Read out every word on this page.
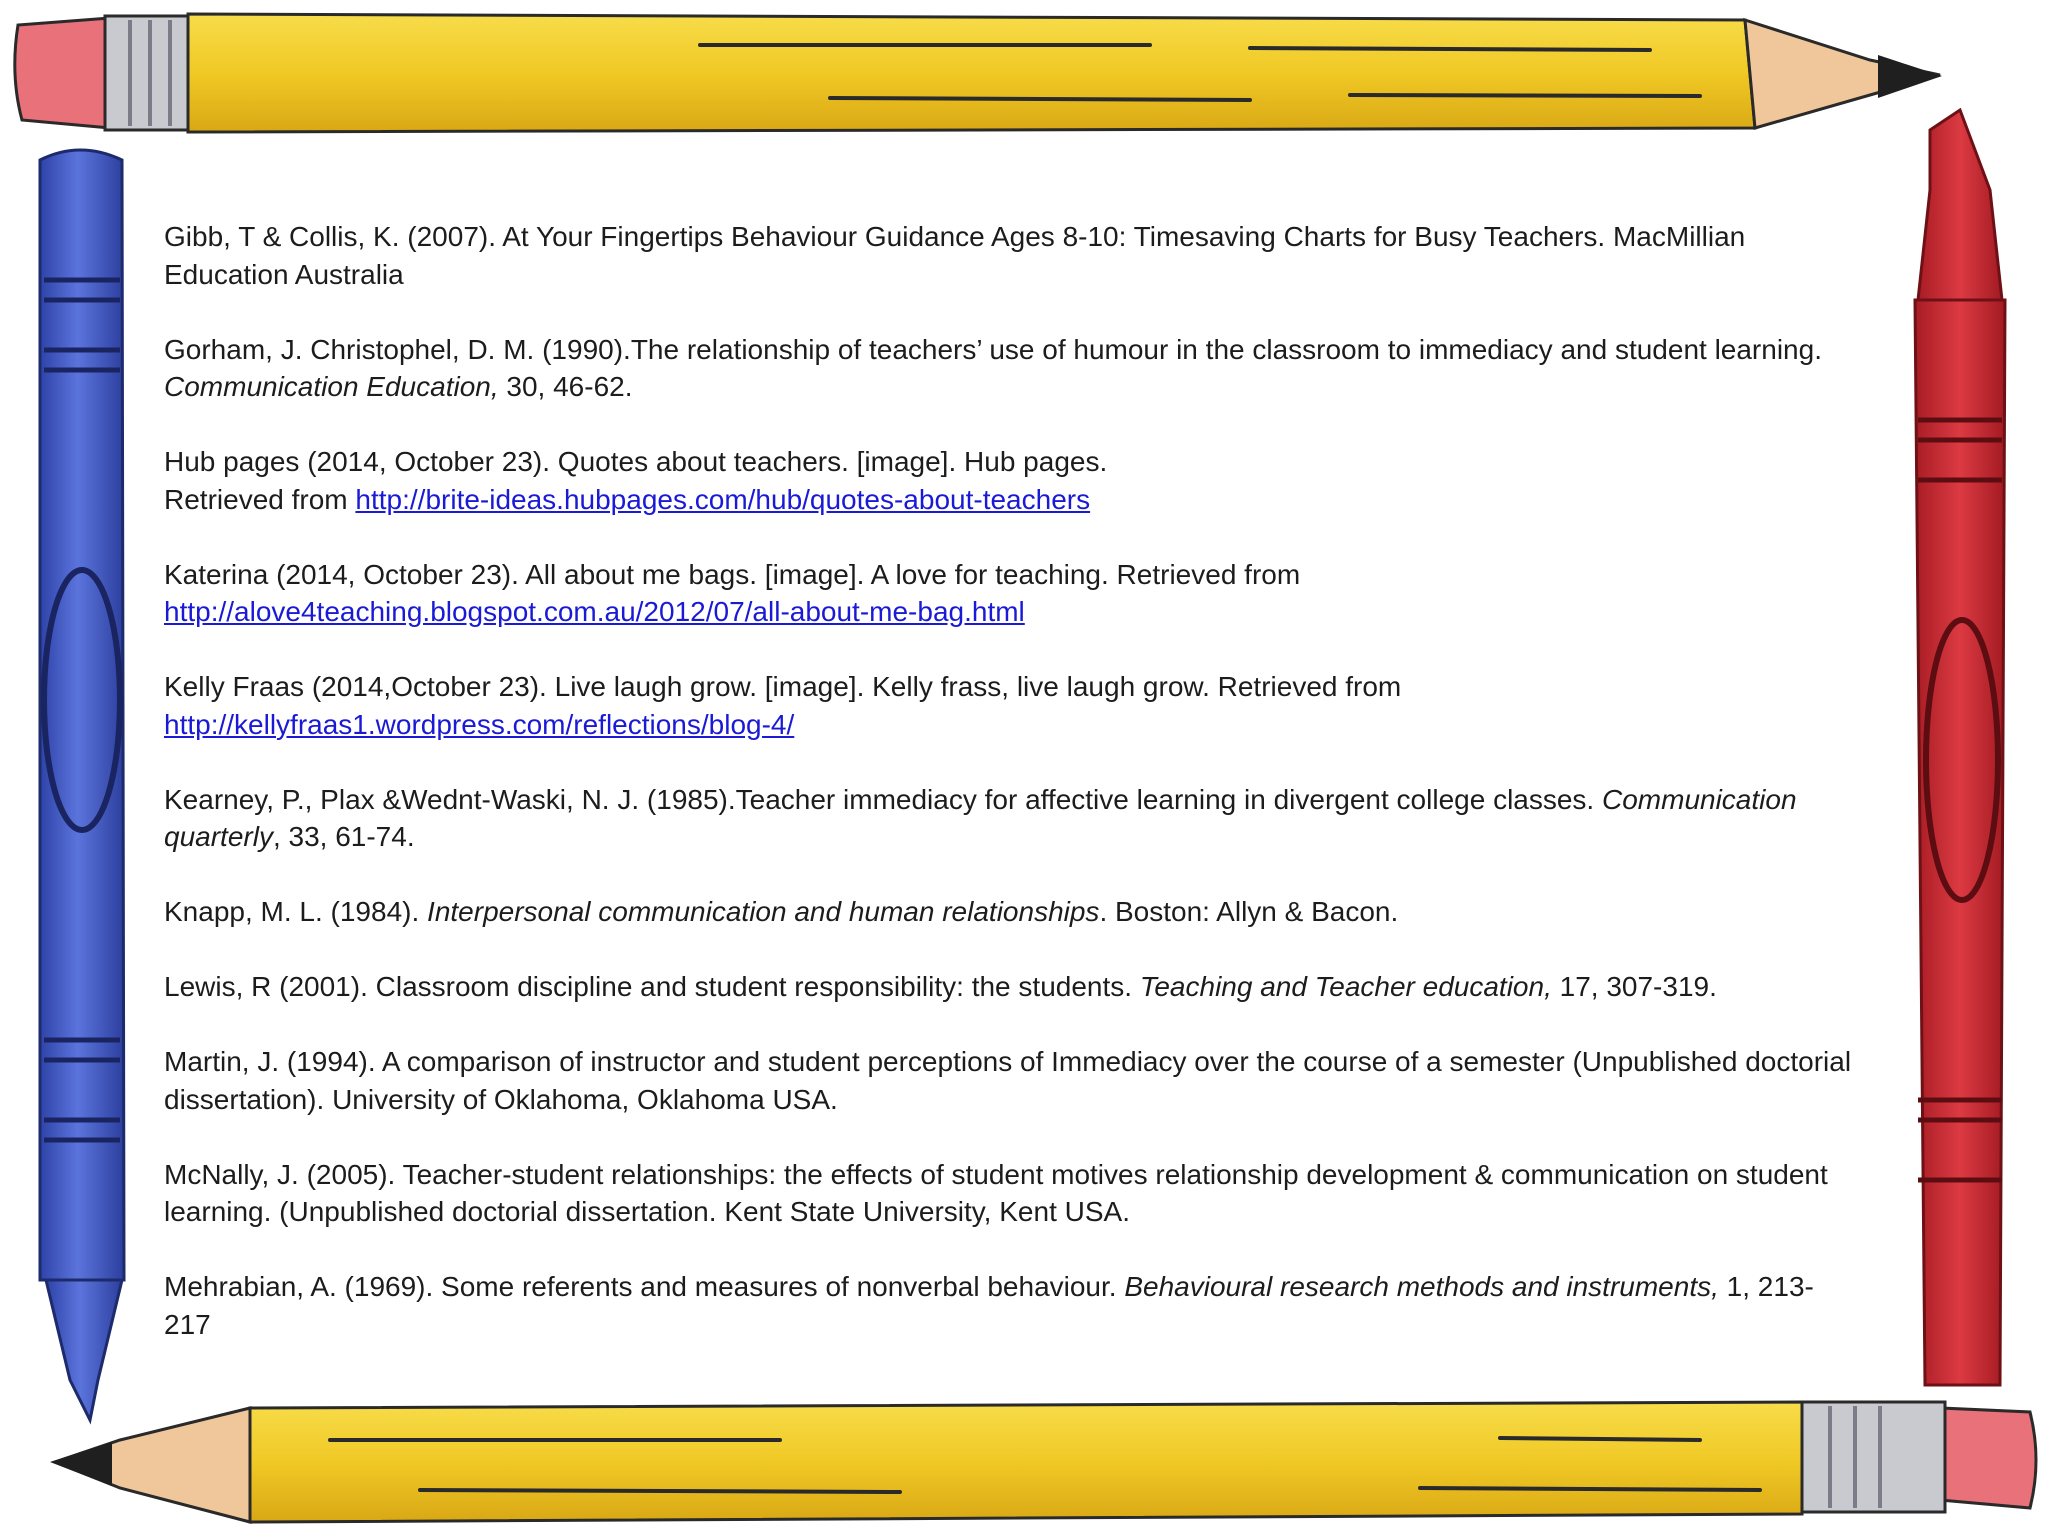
Gibb, T & Collis, K. (2007). At Your Fingertips Behaviour Guidance Ages 8-10: Timesaving Charts for Busy Teachers. MacMillian Education Australia
Gorham, J. Christophel, D. M. (1990).The relationship of teachers’ use of humour in the classroom to immediacy and student learning. Communication Education, 30, 46-62.
Hub pages (2014, October 23). Quotes about teachers. [image]. Hub pages.
Retrieved from http://brite-ideas.hubpages.com/hub/quotes-about-teachers
Katerina (2014, October 23). All about me bags. [image]. A love for teaching. Retrieved from
http://alove4teaching.blogspot.com.au/2012/07/all-about-me-bag.html
Kelly Fraas (2014,October 23). Live laugh grow. [image]. Kelly frass, live laugh grow. Retrieved from
http://kellyfraas1.wordpress.com/reflections/blog-4/
Kearney, P., Plax &Wednt-Waski, N. J. (1985).Teacher immediacy for affective learning in divergent college classes. Communication quarterly, 33, 61-74.
Knapp, M. L. (1984). Interpersonal communication and human relationships. Boston: Allyn & Bacon.
Lewis, R (2001). Classroom discipline and student responsibility: the students. Teaching and Teacher education, 17, 307-319.
Martin, J. (1994). A comparison of instructor and student perceptions of Immediacy over the course of a semester (Unpublished doctorial dissertation). University of Oklahoma, Oklahoma USA.
McNally, J. (2005). Teacher-student relationships: the effects of student motives relationship development & communication on student learning. (Unpublished doctorial dissertation. Kent State University, Kent USA.
Mehrabian, A. (1969). Some referents and measures of nonverbal behaviour. Behavioural research methods and instruments, 1, 213-217
